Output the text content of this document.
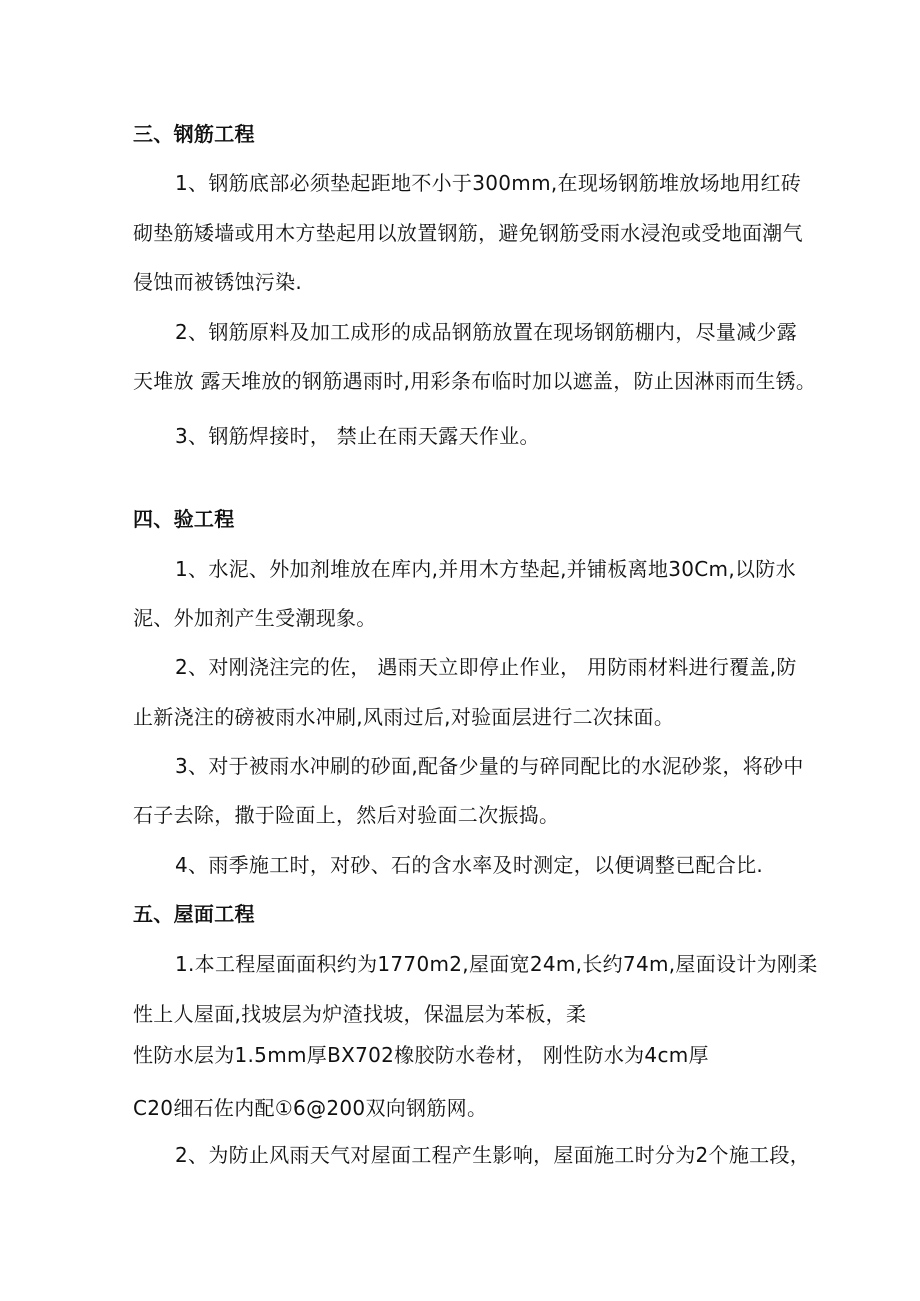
三、钢筋工程
1、钢筋底部必须垫起距地不小于300mm,在现场钢筋堆放场地用红砖
砌垫筋矮墙或用木方垫起用以放置钢筋，避免钢筋受雨水浸泡或受地面潮气
侵蚀而被锈蚀污染.
2、钢筋原料及加工成形的成品钢筋放置在现场钢筋棚内，尽量减少露
天堆放 露天堆放的钢筋遇雨时,用彩条布临时加以遮盖，防止因淋雨而生锈。
3、钢筋焊接时， 禁止在雨天露天作业。
四、验工程
1、水泥、外加剂堆放在库内,并用木方垫起,并铺板离地30Cm,以防水
泥、外加剂产生受潮现象。
2、对刚浇注完的佐， 遇雨天立即停止作业， 用防雨材料进行覆盖,防
止新浇注的磅被雨水冲刷,风雨过后,对验面层进行二次抹面。
3、对于被雨水冲刷的砂面,配备少量的与碎同配比的水泥砂浆，将砂中
石子去除，撒于险面上，然后对验面二次振捣。
4、雨季施工时，对砂、石的含水率及时测定，以便调整已配合比.
五、屋面工程
1.本工程屋面面积约为1770m2,屋面宽24m,长约74m,屋面设计为刚柔
性上人屋面,找坡层为炉渣找坡，保温层为苯板，柔
性防水层为1.5mm厚BX702橡胶防水卷材， 刚性防水为4cm厚
C20细石佐内配①6@200双向钢筋网。
2、为防止风雨天气对屋面工程产生影响，屋面施工时分为2个施工段，
